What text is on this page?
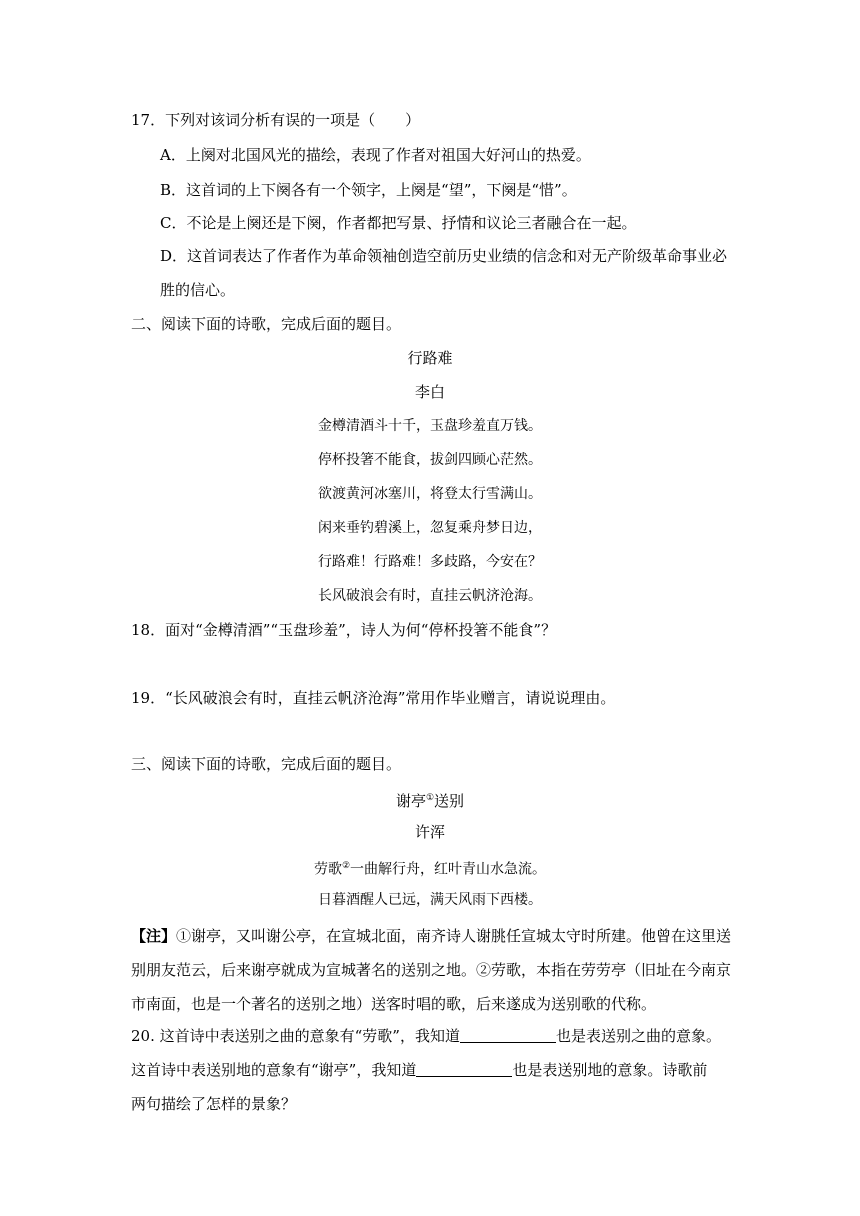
17．下列对该词分析有误的一项是（　　）
A．上阕对北国风光的描绘，表现了作者对祖国大好河山的热爱。
B．这首词的上下阕各有一个领字，上阕是“望”，下阕是“惜”。
C．不论是上阕还是下阕，作者都把写景、抒情和议论三者融合在一起。
D．这首词表达了作者作为革命领袖创造空前历史业绩的信念和对无产阶级革命事业必
胜的信心。
二、阅读下面的诗歌，完成后面的题目。
行路难
李白
金樽清酒斗十千，玉盘珍羞直万钱。
停杯投箸不能食，拔剑四顾心茫然。
欲渡黄河冰塞川，将登太行雪满山。
闲来垂钓碧溪上，忽复乘舟梦日边，
行路难！行路难！多歧路，今安在？
长风破浪会有时，直挂云帆济沧海。
18．面对“金樽清酒”“玉盘珍羞”，诗人为何“停杯投箸不能食”？
19．“长风破浪会有时，直挂云帆济沧海”常用作毕业赠言，请说说理由。
三、阅读下面的诗歌，完成后面的题目。
谢亭①送别
许浑
劳歌②一曲解行舟，红叶青山水急流。
日暮酒醒人已远，满天风雨下西楼。
【注】①谢亭，又叫谢公亭，在宣城北面，南齐诗人谢朓任宣城太守时所建。他曾在这里送
别朋友范云，后来谢亭就成为宣城著名的送别之地。②劳歌，本指在劳劳亭（旧址在今南京
市南面，也是一个著名的送别之地）送客时唱的歌，后来遂成为送别歌的代称。
20. 这首诗中表送别之曲的意象有“劳歌”，我知道	也是表送别之曲的意象。
这首诗中表送别地的意象有“谢亭”，我知道	也是表送别地的意象。诗歌前
两句描绘了怎样的景象？
